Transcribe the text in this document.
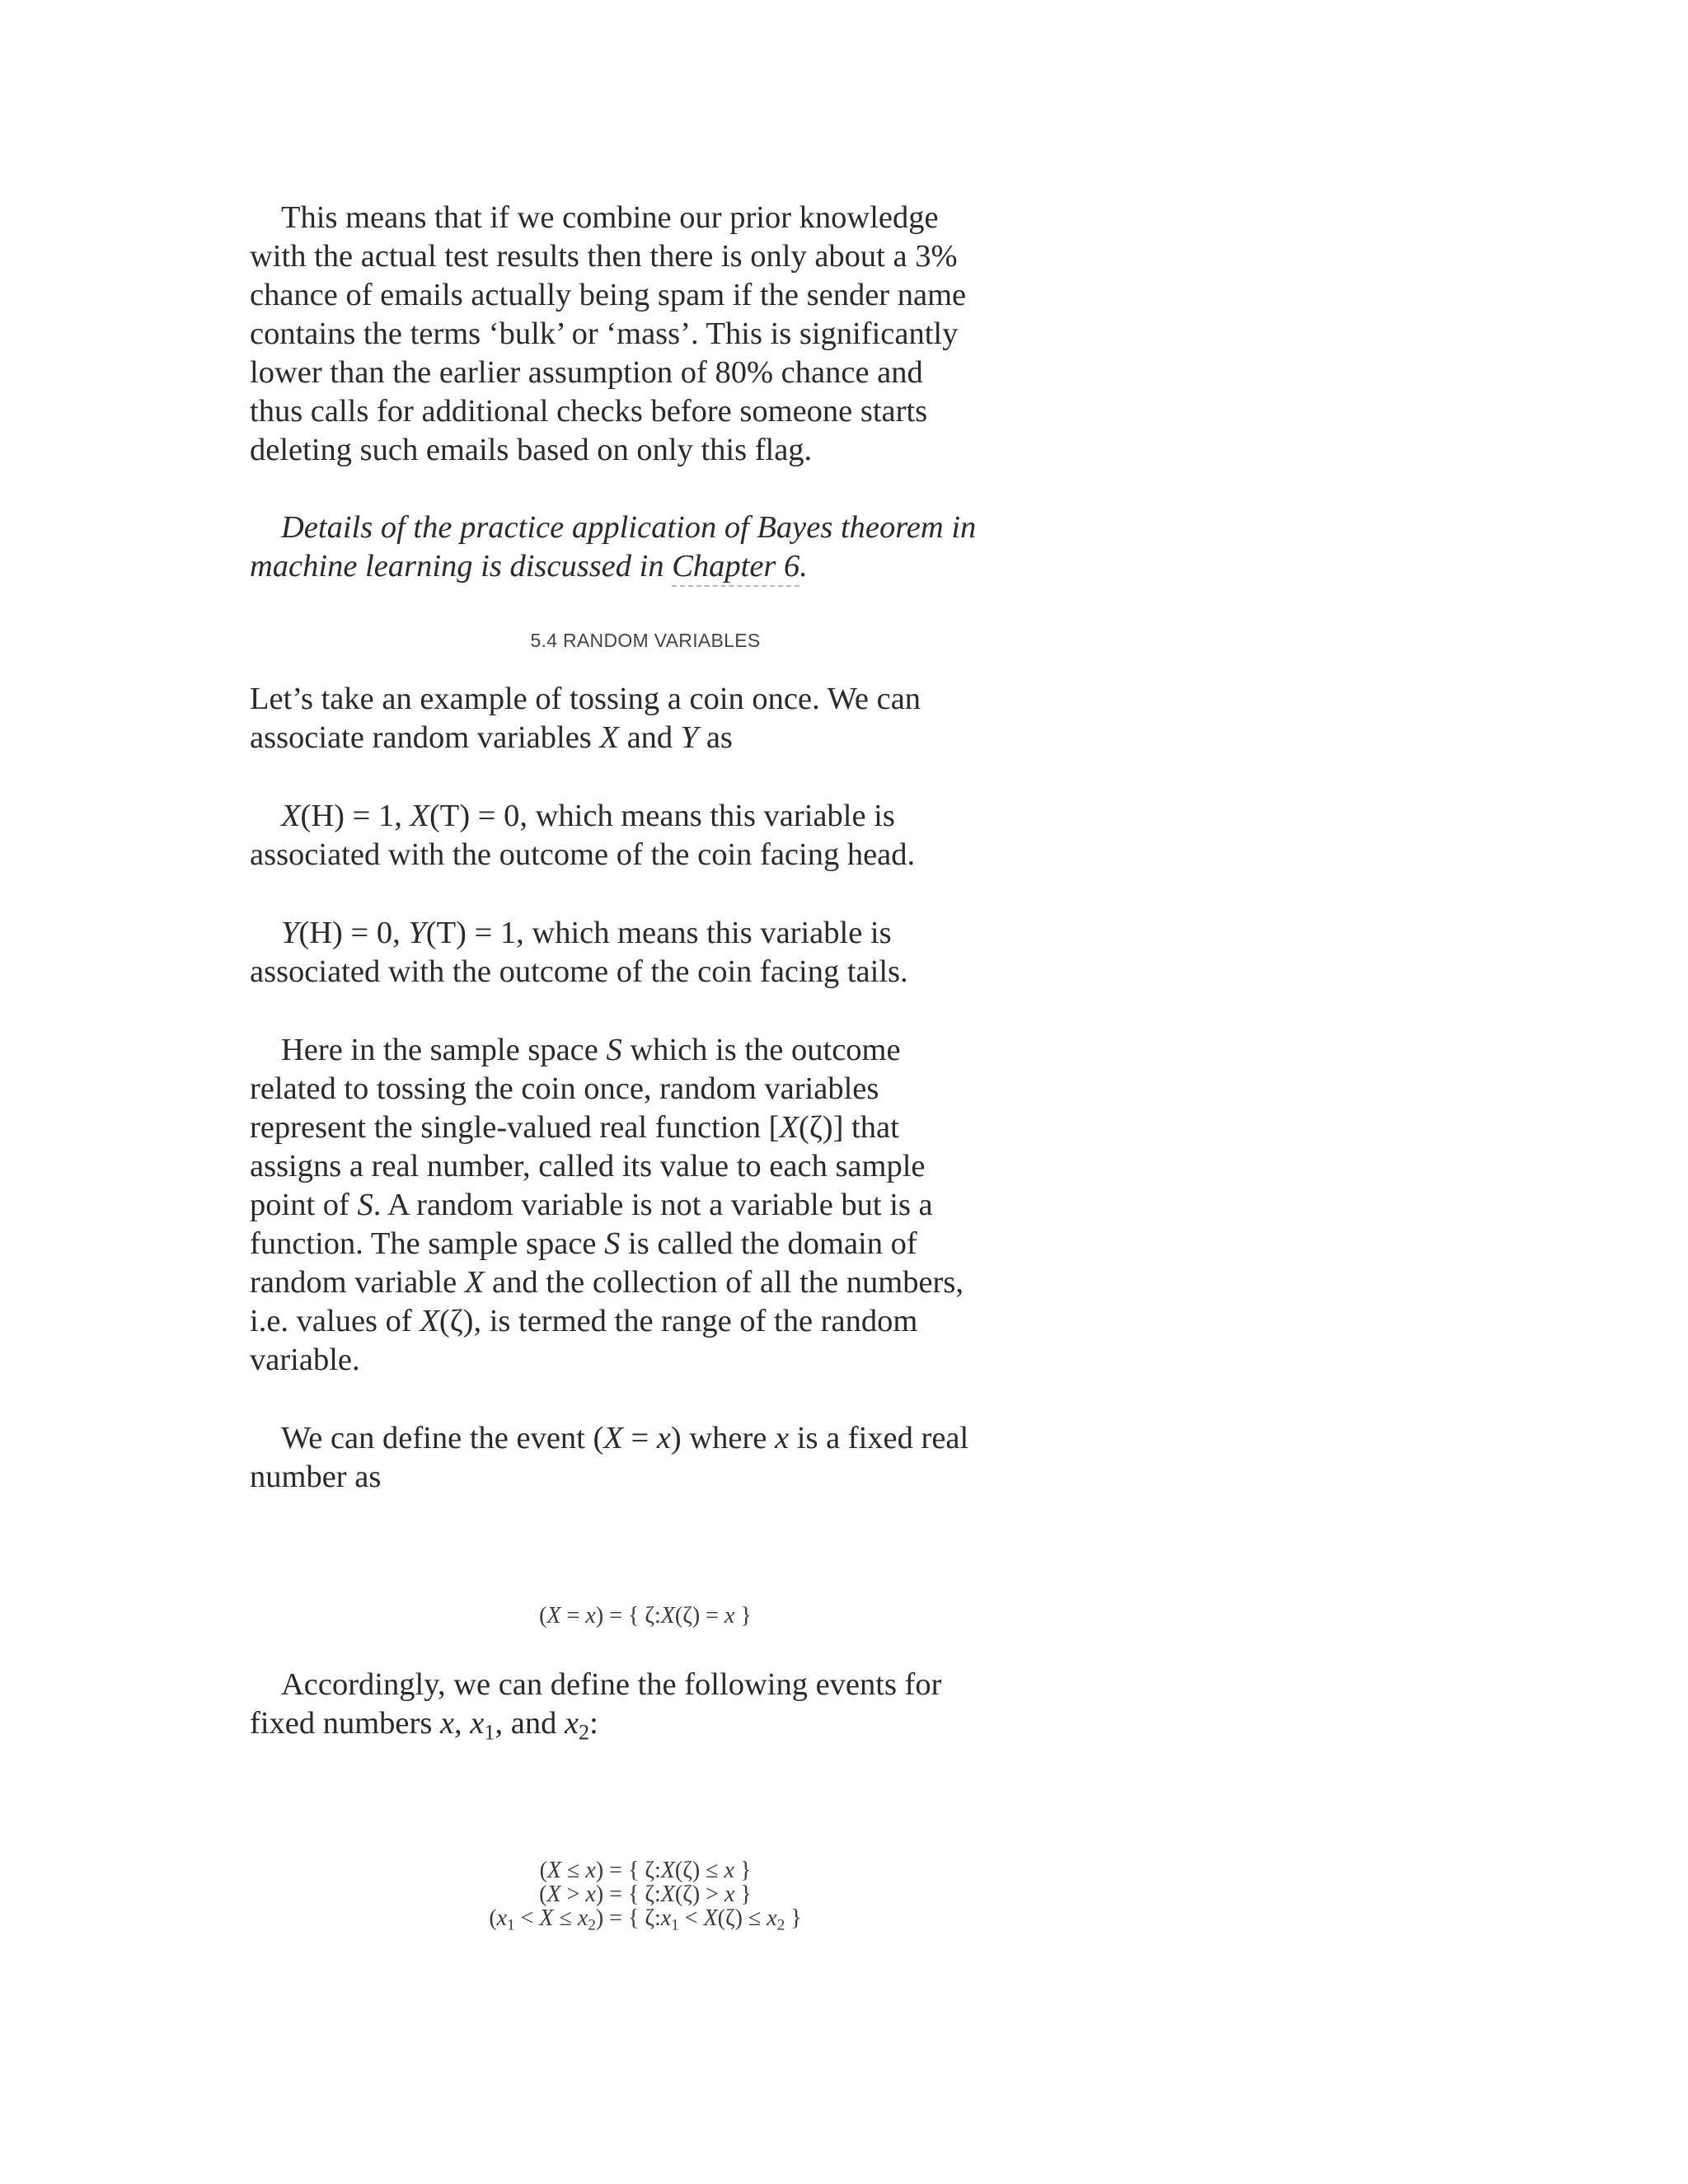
This means that if we combine our prior knowledge
with the actual test results then there is only about a 3%
chance of emails actually being spam if the sender name
contains the terms ‘bulk’ or ‘mass’. This is significantly
lower than the earlier assumption of 80% chance and
thus calls for additional checks before someone starts
deleting such emails based on only this flag.

Details of the practice application of Bayes theorem in
machine learning is discussed in Chapter 6.

5.4 RANDOM VARIABLES

Let’s take an example of tossing a coin once. We can
associate random variables X and Y as

X(H) = 1, X(T) = 0, which means this variable is
associated with the outcome of the coin facing head.

Y(H) = 0, Y(T) = 1, which means this variable is
associated with the outcome of the coin facing tails.

Here in the sample space S which is the outcome
related to tossing the coin once, random variables
represent the single-valued real function [X(ζ)] that
assigns a real number, called its value to each sample
point of S. A random variable is not a variable but is a
function. The sample space S is called the domain of
random variable X and the collection of all the numbers,
i.e. values of X(ζ), is termed the range of the random
variable.

We can define the event (X = x) where x is a fixed real
number as

(X = x) = { ζ:X(ζ) = x }

Accordingly, we can define the following events for
fixed numbers x, $x_1$, and $x_2$:

(X ≤ x) = { ζ:X(ζ) ≤ x }
(X > x) = { ζ:X(ζ) > x }
$(x_1 < X \le x_2)$ = { $\zeta:x_1 < X(\zeta) \le x_2$ }
